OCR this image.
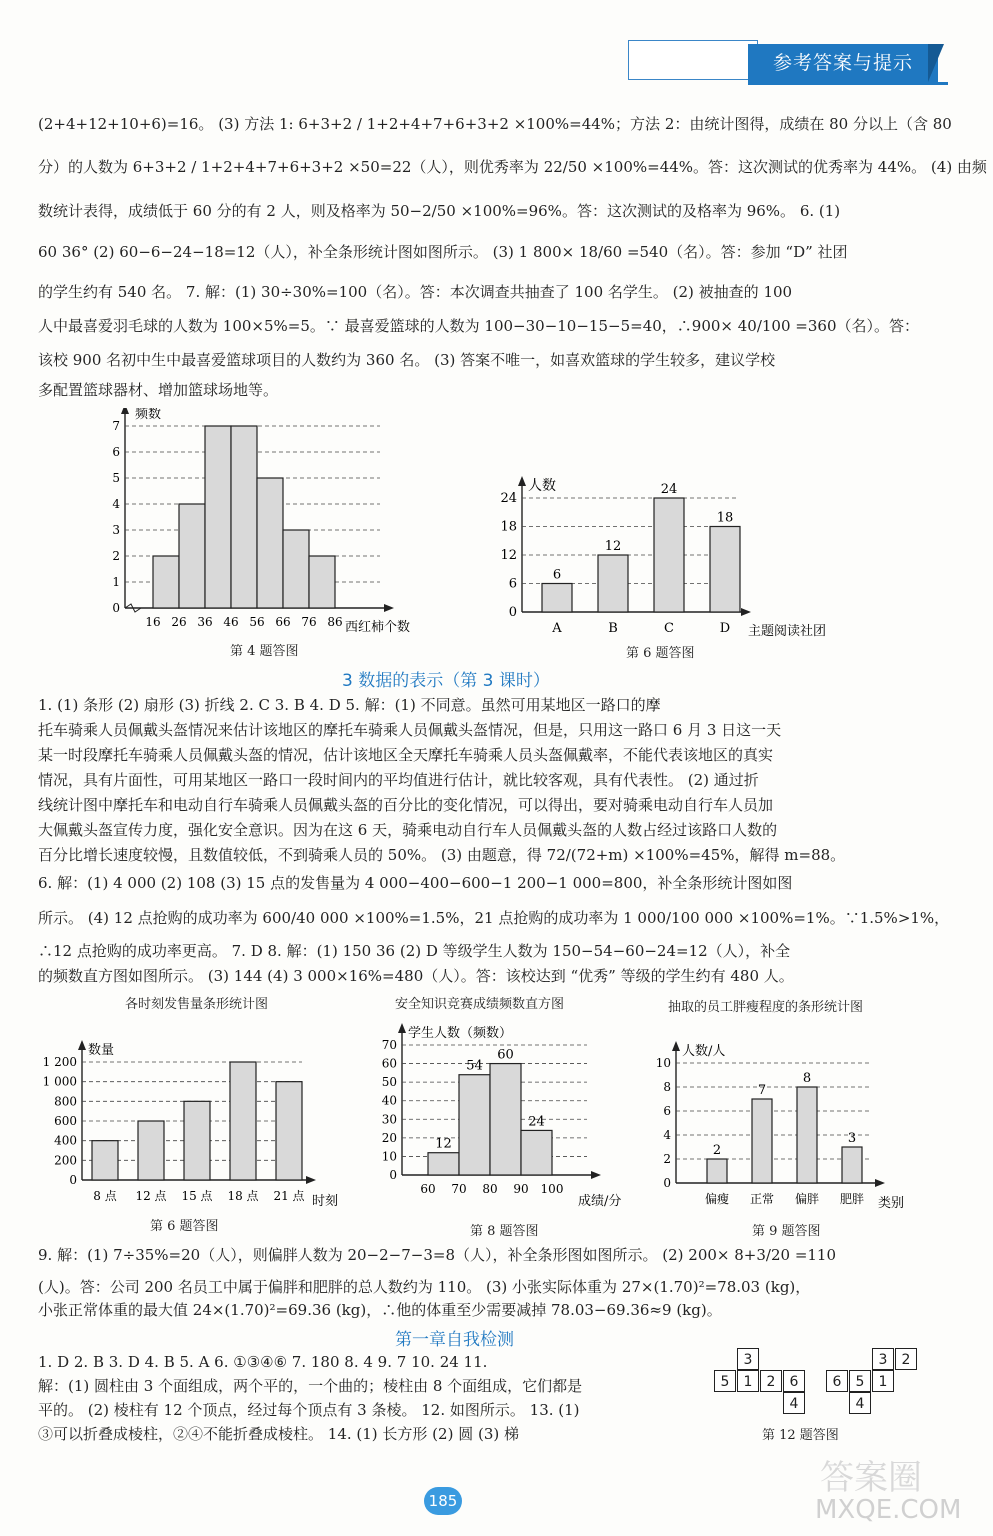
参考答案与提示
(2+4+12+10+6)=16。 (3) 方法 1: 6+3+2 / 1+2+4+7+6+3+2 ×100%=44%；方法 2：由统计图得，成绩在 80 分以上（含 80
分）的人数为 6+3+2 / 1+2+4+7+6+3+2 ×50=22（人），则优秀率为 22/50 ×100%=44%。答：这次测试的优秀率为 44%。 (4) 由频
数统计表得，成绩低于 60 分的有 2 人，则及格率为 50−2/50 ×100%=96%。答：这次测试的及格率为 96%。 6. (1)
60 36° (2) 60−6−24−18=12（人），补全条形统计图如图所示。 (3) 1 800× 18/60 =540（名）。答：参加 “D” 社团
的学生约有 540 名。 7. 解：(1) 30÷30%=100（名）。答：本次调查共抽查了 100 名学生。 (2) 被抽查的 100
人中最喜爱羽毛球的人数为 100×5%=5。∵ 最喜爱篮球的人数为 100−30−10−15−5=40，∴900× 40/100 =360（名）。答：
该校 900 名初中生中最喜爱篮球项目的人数约为 360 名。 (3) 答案不唯一，如喜欢篮球的学生较多，建议学校
多配置篮球器材、增加篮球场地等。
0
1
2
3
4
5
6
7
16 26 36 46 56 66 76 86
频数
西红柿个数
第 4 题答图
0
6
12
18
24
6
12
24
18
A	B	C	D
人数
主题阅读社团
第 6 题答图
3 数据的表示（第 3 课时）
1. (1) 条形 (2) 扇形 (3) 折线 2. C 3. B 4. D 5. 解：(1) 不同意。虽然可用某地区一路口的摩
托车骑乘人员佩戴头盔情况来估计该地区的摩托车骑乘人员佩戴头盔情况，但是，只用这一路口 6 月 3 日这一天
某一时段摩托车骑乘人员佩戴头盔的情况，估计该地区全天摩托车骑乘人员头盔佩戴率，不能代表该地区的真实
情况，具有片面性，可用某地区一路口一段时间内的平均值进行估计，就比较客观，具有代表性。 (2) 通过折
线统计图中摩托车和电动自行车骑乘人员佩戴头盔的百分比的变化情况，可以得出，要对骑乘电动自行车人员加
大佩戴头盔宣传力度，强化安全意识。因为在这 6 天，骑乘电动自行车人员佩戴头盔的人数占经过该路口人数的
百分比增长速度较慢，且数值较低，不到骑乘人员的 50%。 (3) 由题意，得 72/(72+m) ×100%=45%，解得 m=88。
6. 解：(1) 4 000 (2) 108 (3) 15 点的发售量为 4 000−400−600−1 200−1 000=800，补全条形统计图如图
所示。 (4) 12 点抢购的成功率为 600/40 000 ×100%=1.5%，21 点抢购的成功率为 1 000/100 000 ×100%=1%。∵1.5%>1%，
∴12 点抢购的成功率更高。 7. D 8. 解：(1) 150 36 (2) D 等级学生人数为 150−54−60−24=12（人），补全
的频数直方图如图所示。 (3) 144 (4) 3 000×16%=480（人）。答：该校达到 “优秀” 等级的学生约有 480 人。
各时刻发售量条形统计图
0
200
400
600
800
1 000
1 200
8 点 12 点 15 点 18 点 21 点
数量
时刻
第 6 题答图
安全知识竞赛成绩频数直方图
0
10
20
30
40
50
60
70
12
54
60
24
60 70 80 90 100
学生人数（频数）
成绩/分
第 8 题答图
抽取的员工胖瘦程度的条形统计图
0
2
4
6
8
10
2
7
8
3
偏瘦 正常 偏胖 肥胖
人数/人
类别
第 9 题答图
9. 解：(1) 7÷35%=20（人），则偏胖人数为 20−2−7−3=8（人），补全条形图如图所示。 (2) 200× 8+3/20 =110
(人)。答：公司 200 名员工中属于偏胖和肥胖的总人数约为 110。 (3) 小张实际体重为 27×(1.70)²=78.03 (kg)，
小张正常体重的最大值 24×(1.70)²=69.36 (kg)，∴他的体重至少需要减掉 78.03−69.36≈9 (kg)。
第一章自我检测
1. D 2. B 3. D 4. B 5. A 6. ①③④⑥ 7. 180 8. 4 9. 7 10. 24 11.
解：(1) 圆柱由 3 个面组成，两个平的，一个曲的；棱柱由 8 个面组成，它们都是
平的。 (2) 棱柱有 12 个顶点，经过每个顶点有 3 条棱。 12. 如图所示。 13. (1)
③可以折叠成棱柱，②④不能折叠成棱柱。 14. (1) 长方形 (2) 圆 (3) 梯
3
5	1	2	6
4
3	2
6	5	1
4
第 12 题答图
185
答案圈
MXQE.COM
